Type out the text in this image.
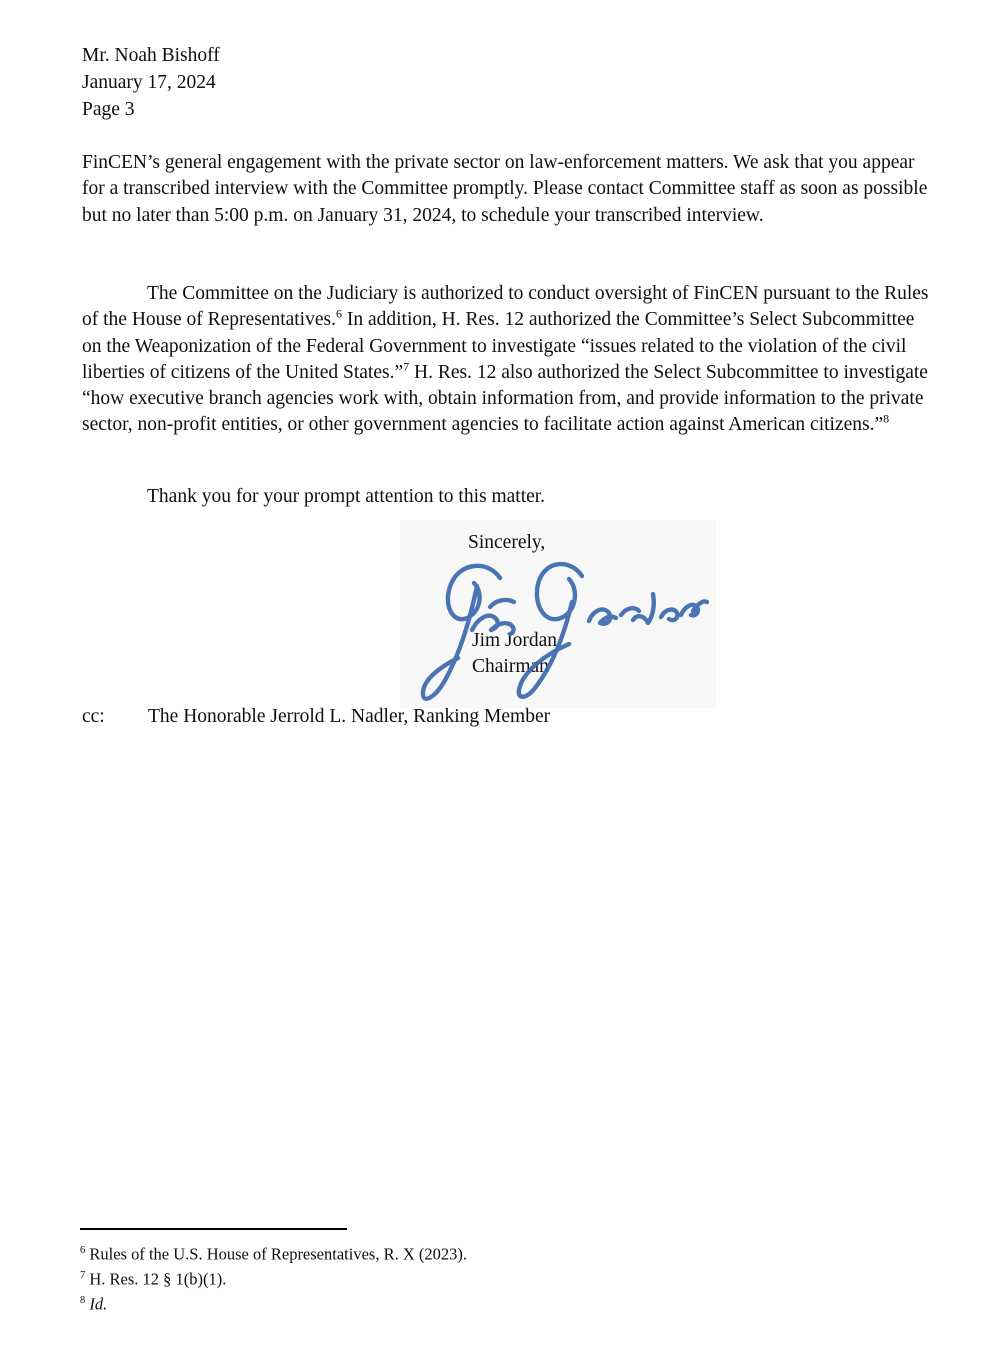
Mr. Noah Bishoff
January 17, 2024
Page 3

FinCEN’s general engagement with the private sector on law-enforcement matters. We ask that you appear for a transcribed interview with the Committee promptly. Please contact Committee staff as soon as possible but no later than 5:00 p.m. on January 31, 2024, to schedule your transcribed interview.

The Committee on the Judiciary is authorized to conduct oversight of FinCEN pursuant to the Rules of the House of Representatives.$^6$ In addition, H. Res. 12 authorized the Committee’s Select Subcommittee on the Weaponization of the Federal Government to investigate “issues related to the violation of the civil liberties of citizens of the United States.”$^7$ H. Res. 12 also authorized the Select Subcommittee to investigate “how executive branch agencies work with, obtain information from, and provide information to the private sector, non-profit entities, or other government agencies to facilitate action against American citizens.”$^8$

Thank you for your prompt attention to this matter.

Sincerely,
Jim Jordan
Chairman
cc: The Honorable Jerrold L. Nadler, Ranking Member
$^6$ Rules of the U.S. House of Representatives, R. X (2023).
$^7$ H. Res. 12 § 1(b)(1).
$^8$ Id.
